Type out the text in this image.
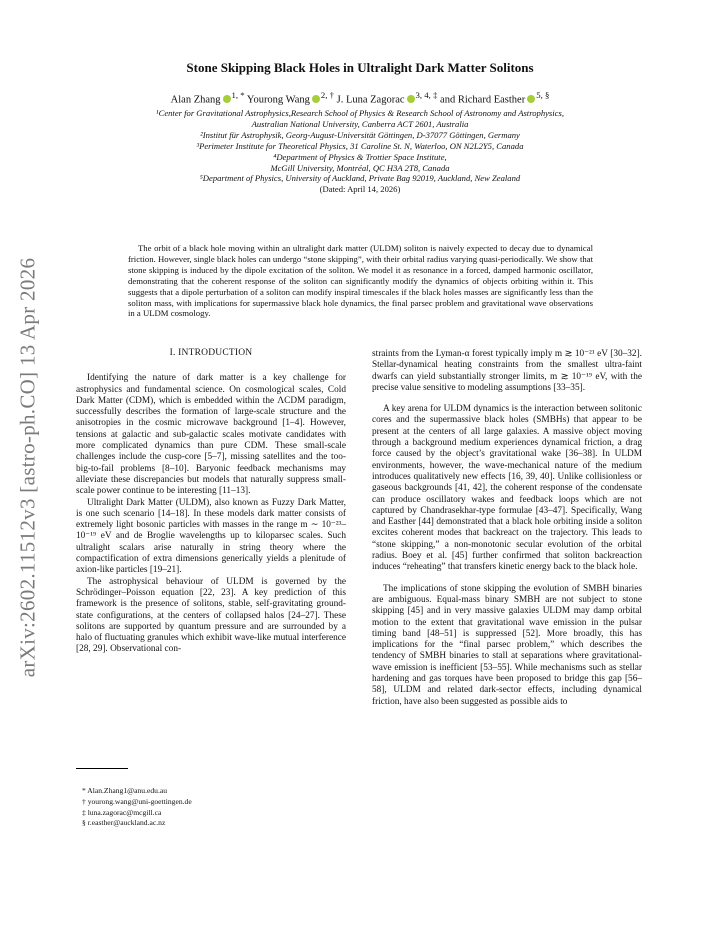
arXiv:2602.11512v3 [astro-ph.CO] 13 Apr 2026
Stone Skipping Black Holes in Ultralight Dark Matter Solitons
Alan Zhang $^{1, *}$ Yourong Wang $^{2, \dagger}$ J. Luna Zagorac $^{3, 4, \ddagger}$ and Richard Easther $^{5, \S}$
¹Center for Gravitational Astrophysics,Research School of Physics & Research School of Astronomy and Astrophysics,
Australian National University, Canberra ACT 2601, Australia
²Institut für Astrophysik, Georg-August-Universität Göttingen, D-37077 Göttingen, Germany
³Perimeter Institute for Theoretical Physics, 31 Caroline St. N, Waterloo, ON N2L2Y5, Canada
⁴Department of Physics & Trottier Space Institute,
McGill University, Montréal, QC H3A 2T8, Canada
⁵Department of Physics, University of Auckland, Private Bag 92019, Auckland, New Zealand
(Dated: April 14, 2026)
The orbit of a black hole moving within an ultralight dark matter (ULDM) soliton is naively expected to decay due to dynamical friction. However, single black holes can undergo “stone skipping”, with their orbital radius varying quasi-periodically. We show that stone skipping is induced by the dipole excitation of the soliton. We model it as resonance in a forced, damped harmonic oscillator, demonstrating that the coherent response of the soliton can significantly modify the dynamics of objects orbiting within it. This suggests that a dipole perturbation of a soliton can modify inspiral timescales if the black holes masses are significantly less than the soliton mass, with implications for supermassive black hole dynamics, the final parsec problem and gravitational wave observations in a ULDM cosmology.
I. INTRODUCTION

Identifying the nature of dark matter is a key challenge for astrophysics and fundamental science. On cosmological scales, Cold Dark Matter (CDM), which is embedded within the ΛCDM paradigm, successfully describes the formation of large-scale structure and the anisotropies in the cosmic microwave background [1–4]. However, tensions at galactic and sub-galactic scales motivate candidates with more complicated dynamics than pure CDM. These small-scale challenges include the cusp-core [5–7], missing satellites and the too-big-to-fail problems [8–10]. Baryonic feedback mechanisms may alleviate these discrepancies but models that naturally suppress small-scale power continue to be interesting [11–13].

Ultralight Dark Matter (ULDM), also known as Fuzzy Dark Matter, is one such scenario [14–18]. In these models dark matter consists of extremely light bosonic particles with masses in the range m ∼ 10⁻²³–10⁻¹⁹ eV and de Broglie wavelengths up to kiloparsec scales. Such ultralight scalars arise naturally in string theory where the compactification of extra dimensions generically yields a plenitude of axion-like particles [19–21].

The astrophysical behaviour of ULDM is governed by the Schrödinger–Poisson equation [22, 23]. A key prediction of this framework is the presence of solitons, stable, self-gravitating ground-state configurations, at the centers of collapsed halos [24–27]. These solitons are supported by quantum pressure and are surrounded by a halo of fluctuating granules which exhibit wave-like mutual interference [28, 29]. Observational con-

* Alan.Zhang1@anu.edu.au
† yourong.wang@uni-goettingen.de
‡ luna.zagorac@mcgill.ca
§ r.easther@auckland.ac.nz

straints from the Lyman-α forest typically imply m ≳ 10⁻²¹ eV [30–32]. Stellar-dynamical heating constraints from the smallest ultra-faint dwarfs can yield substantially stronger limits, m ≳ 10⁻¹⁹ eV, with the precise value sensitive to modeling assumptions [33–35].

A key arena for ULDM dynamics is the interaction between solitonic cores and the supermassive black holes (SMBHs) that appear to be present at the centers of all large galaxies. A massive object moving through a background medium experiences dynamical friction, a drag force caused by the object’s gravitational wake [36–38]. In ULDM environments, however, the wave-mechanical nature of the medium introduces qualitatively new effects [16, 39, 40]. Unlike collisionless or gaseous backgrounds [41, 42], the coherent response of the condensate can produce oscillatory wakes and feedback loops which are not captured by Chandrasekhar-type formulae [43–47]. Specifically, Wang and Easther [44] demonstrated that a black hole orbiting inside a soliton excites coherent modes that backreact on the trajectory. This leads to “stone skipping,” a non-monotonic secular evolution of the orbital radius. Boey et al. [45] further confirmed that soliton backreaction induces “reheating” that transfers kinetic energy back to the black hole.

The implications of stone skipping the evolution of SMBH binaries are ambiguous. Equal-mass binary SMBH are not subject to stone skipping [45] and in very massive galaxies ULDM may damp orbital motion to the extent that gravitational wave emission in the pulsar timing band [48–51] is suppressed [52]. More broadly, this has implications for the “final parsec problem,” which describes the tendency of SMBH binaries to stall at separations where gravitational-wave emission is inefficient [53–55]. While mechanisms such as stellar hardening and gas torques have been proposed to bridge this gap [56–58], ULDM and related dark-sector effects, including dynamical friction, have also been suggested as possible aids to
